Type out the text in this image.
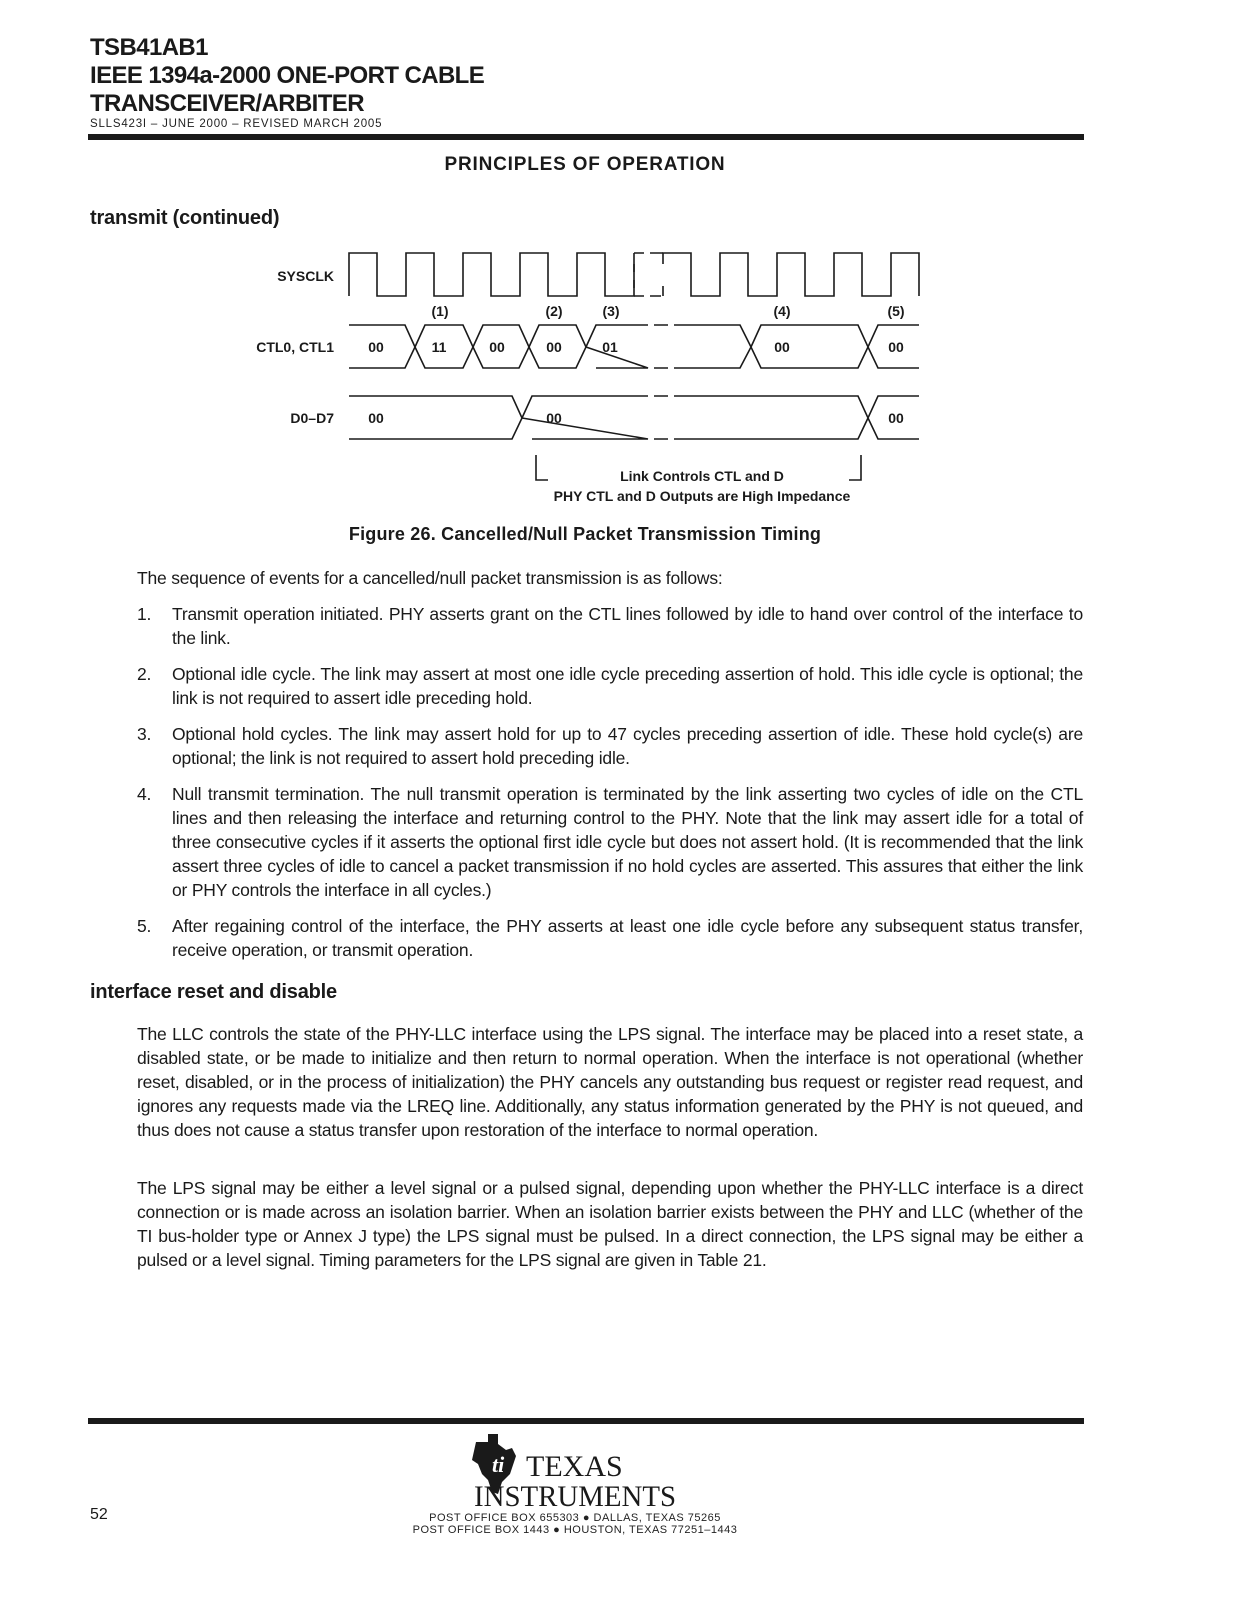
TSB41AB1
IEEE 1394a-2000 ONE-PORT CABLE
TRANSCEIVER/ARBITER
SLLS423I – JUNE 2000 – REVISED MARCH 2005
PRINCIPLES OF OPERATION
transmit (continued)
SYSCLK
CTL0, CTL1
D0–D7
(1)	(2)	(3)	(4)	(5)
00	11	00	00	01	00	00
00	00	00
Link Controls CTL and D
PHY CTL and D Outputs are High Impedance
Figure 26. Cancelled/Null Packet Transmission Timing

The sequence of events for a cancelled/null packet transmission is as follows:

1. Transmit operation initiated. PHY asserts grant on the CTL lines followed by idle to hand over control of the interface to the link.
2. Optional idle cycle. The link may assert at most one idle cycle preceding assertion of hold. This idle cycle is optional; the link is not required to assert idle preceding hold.
3. Optional hold cycles. The link may assert hold for up to 47 cycles preceding assertion of idle. These hold cycle(s) are optional; the link is not required to assert hold preceding idle.
4. Null transmit termination. The null transmit operation is terminated by the link asserting two cycles of idle on the CTL lines and then releasing the interface and returning control to the PHY. Note that the link may assert idle for a total of three consecutive cycles if it asserts the optional first idle cycle but does not assert hold. (It is recommended that the link assert three cycles of idle to cancel a packet transmission if no hold cycles are asserted. This assures that either the link or PHY controls the interface in all cycles.)
5. After regaining control of the interface, the PHY asserts at least one idle cycle before any subsequent status transfer, receive operation, or transmit operation.
interface reset and disable

The LLC controls the state of the PHY-LLC interface using the LPS signal. The interface may be placed into a reset state, a disabled state, or be made to initialize and then return to normal operation. When the interface is not operational (whether reset, disabled, or in the process of initialization) the PHY cancels any outstanding bus request or register read request, and ignores any requests made via the LREQ line. Additionally, any status information generated by the PHY is not queued, and thus does not cause a status transfer upon restoration of the interface to normal operation.

The LPS signal may be either a level signal or a pulsed signal, depending upon whether the PHY-LLC interface is a direct connection or is made across an isolation barrier. When an isolation barrier exists between the PHY and LLC (whether of the TI bus-holder type or Annex J type) the LPS signal must be pulsed. In a direct connection, the LPS signal may be either a pulsed or a level signal. Timing parameters for the LPS signal are given in Table 21.

ti TEXAS
INSTRUMENTS
POST OFFICE BOX 655303 ● DALLAS, TEXAS 75265
POST OFFICE BOX 1443 ● HOUSTON, TEXAS 77251–1443
52
